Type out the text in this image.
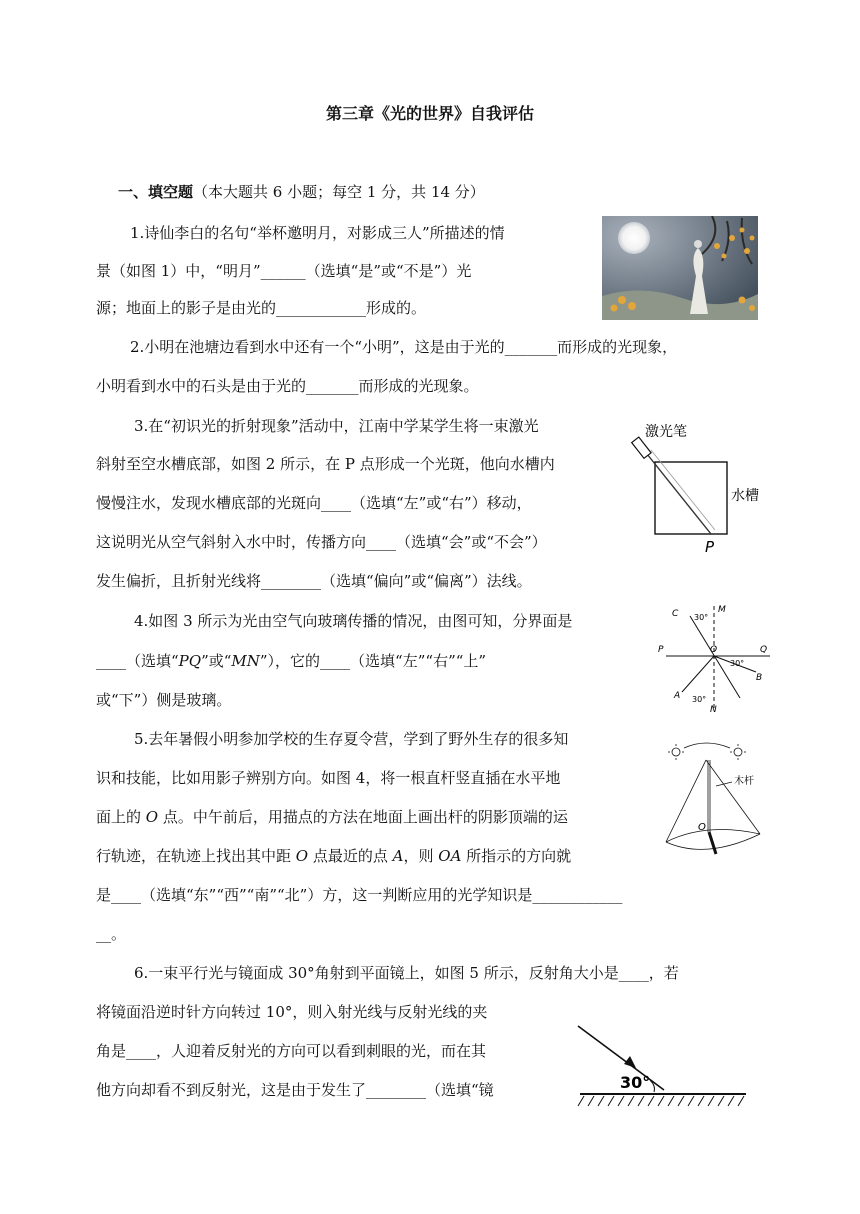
第三章《光的世界》自我评估
一、填空题（本大题共 6 小题；每空 1 分，共 14 分）
1.诗仙李白的名句“举杯邀明月，对影成三人”所描述的情
景（如图 1）中，“明月”______（选填“是”或“不是”）光
源；地面上的影子是由光的____________形成的。
2.小明在池塘边看到水中还有一个“小明”，这是由于光的_______而形成的光现象，
小明看到水中的石头是由于光的_______而形成的光现象。
3.在“初识光的折射现象”活动中，江南中学某学生将一束激光
斜射至空水槽底部，如图 2 所示，在 P 点形成一个光斑，他向水槽内
慢慢注水，发现水槽底部的光斑向____（选填“左”或“右”）移动，
这说明光从空气斜射入水中时，传播方向____（选填“会”或“不会”）
发生偏折，且折射光线将________（选填“偏向”或“偏离”）法线。
激光笔
水槽
P
4.如图 3 所示为光由空气向玻璃传播的情况，由图可知，分界面是
____（选填“PQ”或“MN”），它的____（选填“左”“右”“上”
或“下”）侧是玻璃。
C	M
P	Q
O
B
A
N
30°
30°
30°
5.去年暑假小明参加学校的生存夏令营，学到了野外生存的很多知
识和技能，比如用影子辨别方向。如图 4，将一根直杆竖直插在水平地
面上的 O 点。中午前后，用描点的方法在地面上画出杆的阴影顶端的运
行轨迹，在轨迹上找出其中距 O 点最近的点 A，则 OA 所指示的方向就
是____（选填“东”“西”“南”“北”）方，这一判断应用的光学知识是____________
__。
木杆
O
6.一束平行光与镜面成 30°角射到平面镜上，如图 5 所示，反射角大小是____，若
将镜面沿逆时针方向转过 10°，则入射光线与反射光线的夹
角是____，人迎着反射光的方向可以看到刺眼的光，而在其
他方向却看不到反射光，这是由于发生了________（选填“镜	30°
